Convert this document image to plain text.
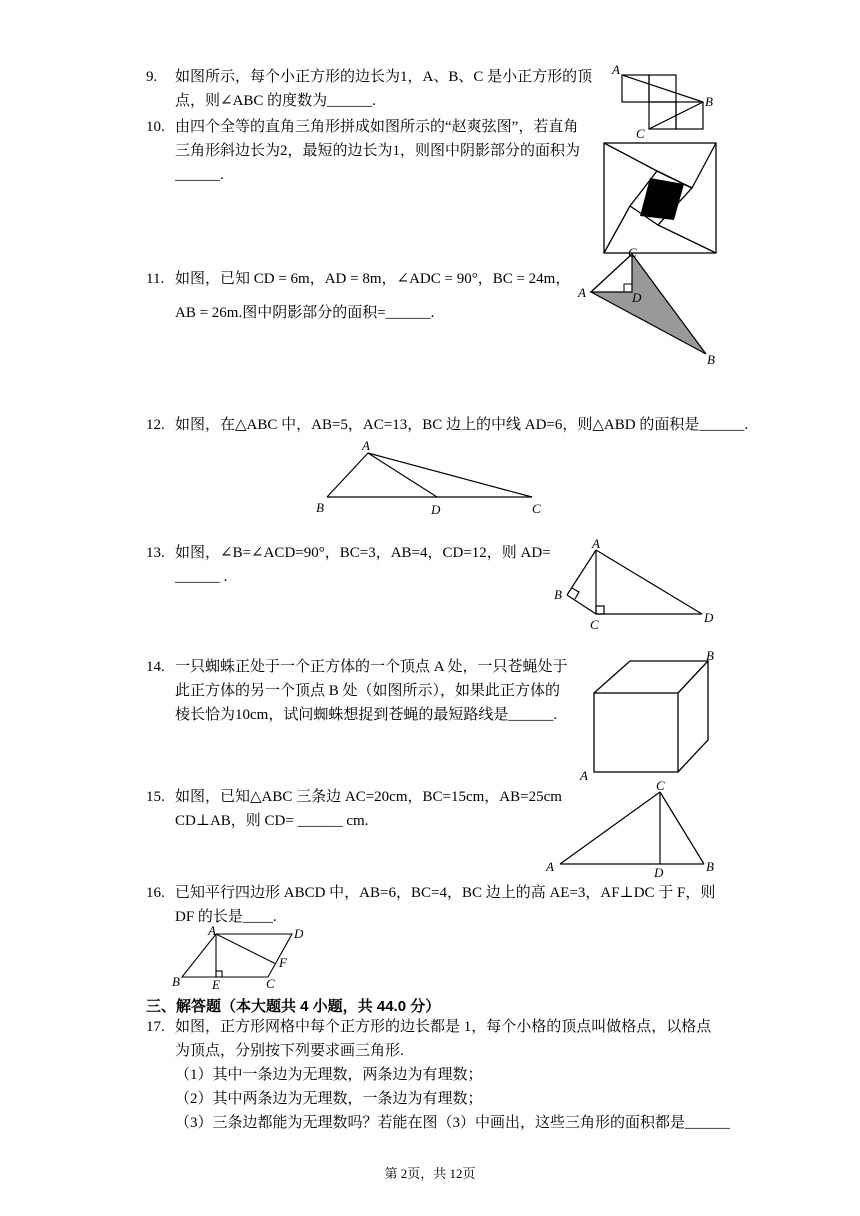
9. 如图所示，每个小正方形的边长为1，A、B、C 是小正方形的顶
点，则∠ABC 的度数为______.
A
B
C
10. 由四个全等的直角三角形拼成如图所示的“赵爽弦图”，若直角
三角形斜边长为2，最短的边长为1，则图中阴影部分的面积为
______.
11. 如图，已知 CD = 6m，AD = 8m，∠ADC = 90°，BC = 24m，
AB = 26m.图中阴影部分的面积=______.
C
A	D
B
12. 如图，在△ABC 中，AB=5，AC=13，BC 边上的中线 AD=6，则△ABD 的面积是______.
A
B	D	C
13. 如图，∠B=∠ACD=90°，BC=3，AB=4，CD=12，则 AD=
______ .
A
B
C	D
14. 一只蜘蛛正处于一个正方体的一个顶点 A 处，一只苍蝇处于
此正方体的另一个顶点 B 处（如图所示），如果此正方体的
棱长恰为10cm，试问蜘蛛想捉到苍蝇的最短路线是______.
B
A
15. 如图，已知△ABC 三条边 AC=20cm，BC=15cm，AB=25cm
CD⊥AB，则 CD= ______ cm.
C
A	D	B
16. 已知平行四边形 ABCD 中，AB=6，BC=4，BC 边上的高 AE=3，AF⊥DC 于 F，则
DF 的长是____.
A	D
F
B E	C
三、解答题（本大题共 4 小题，共 44.0 分）
17. 如图，正方形网格中每个正方形的边长都是 1，每个小格的顶点叫做格点，以格点
为顶点，分别按下列要求画三角形.
（1）其中一条边为无理数，两条边为有理数；
（2）其中两条边为无理数，一条边为有理数；
（3）三条边都能为无理数吗？若能在图（3）中画出，这些三角形的面积都是______
第 2页，共 12页
